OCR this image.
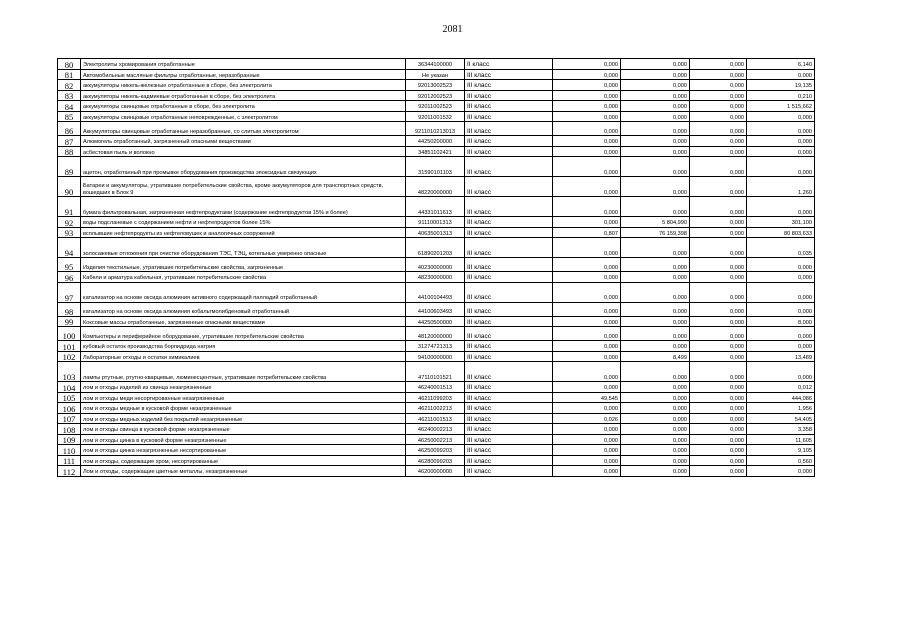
2081
80	Электролиты хромирования отработанные	36344100000	II класс	0,000	0,000	0,000	6,140
81	Автомобильные масляные фильтры отработанные, неразобранные	Не указан	III класс	0,000	0,000	0,000	0,000
82	аккумуляторы никель-железные отработанные в сборе, без электролита	92013002523	III класс	0,000	0,000	0,000	19,135
83	аккумуляторы никель-кадмиевые отработанные в сборе, без электролита	92012002523	III класс	0,000	0,000	0,000	0,210
84	аккумуляторы свинцовые отработанные в сборе, без электролита	92011002523	III класс	0,000	0,000	0,000	1 515,662
85	аккумуляторы свинцовые отработанные неповрежденные, с электролитом	92011001532	III класс	0,000	0,000	0,000	0,000
86	Аккумуляторы свинцовые отработанные неразобранные, со слитым электролитом	9211010213013	III класс	0,000	0,000	0,000	0,000
87	Алюмогель отработанный, загрязненный опасными веществами	44250200000	III класс	0,000	0,000	0,000	0,000
88	асбестовая пыль и волокно	34851102421	III класс	0,000	0,000	0,000	0,000
89	ацетон, отработанный при промывке оборудования производства эпоксидных связующих	31590101103	III класс	0,000	0,000	0,000	0,000
90	Батареи и аккумуляторы, утратившие потребительские свойства, кроме аккумуляторов для транспортных средств, вошедших в Блок 9	48220000000	III класс	0,000	0,000	0,000	1,260
91	бумага фильтровальная, загрязненная нефтепродуктами (содержание нефтепродуктов 15% и более)	44331011613	III класс	0,000	0,000	0,000	0,000
92	воды подсланевые с содержанием нефти и нефтепродуктов более 15%	91110001313	III класс	0,000	5 804,990	0,000	301,100
93	всплывшие нефтепродукты из нефтеловушек и аналогичных сооружений	40635001313	III класс	0,807	76 159,398	0,000	80 803,633
94	золосажевые отложения при очистке оборудования ТЭС, ТЭЦ, котельных умеренно опасные	61890201203	III класс	0,000	0,000	0,000	0,035
95	Изделия текстильные, утратившие потребительские свойства, загрязненные	40230000000	III класс	0,000	0,000	0,000	0,000
96	Кабели и арматура кабельная, утратившие потребительские свойства	48230000000	III класс	0,000	0,000	0,000	0,000
97	катализатор на основе оксида алюминия активного содержащий палладий отработанный	44100104493	III класс	0,000	0,000	0,000	0,000
98	катализатор на основе оксида алюминия кобальтмолибденовый отработанный	44100603493	III класс	0,000	0,000	0,000	0,000
99	Коксовые массы отработанные, загрязненные опасными веществами	44250500000	III класс	0,000	0,000	0,000	8,000
100	Компьютеры и периферийное оборудование, утратившие потребительские свойства	48120000000	III класс	0,000	0,000	0,000	0,000
101	кубовый остаток производства борпидрида натрия	31274721313	III класс	0,000	0,000	0,000	0,000
102	Лабораторные отходы и остатки химикалиев	94100000000	III класс	0,000	8,499	0,000	13,489
103	лампы ртутные, ртутно-кварцевые, люминесцентные, утратившие потребительские свойства	47110101521	III класс	0,000	0,000	0,000	0,000
104	лом и отходы изделий из свинца незагрязненные	46240001513	III класс	0,000	0,000	0,000	0,012
105	лом и отходы меди несортированные незагрязненные	46211099203	III класс	49,545	0,000	0,000	444,086
106	лом и отходы медные в кусковой форме незагрязненные	46211002213	III класс	0,000	0,000	0,000	1,956
107	лом и отходы медных изделий без покрытий незагрязненные	46211001513	III класс	0,026	0,000	0,000	54,405
108	лом и отходы свинца в кусковой форме незагрязненные	46240002213	III класс	0,000	0,000	0,000	3,358
109	лом и отходы цинка в кусковой форме незагрязненные	46250002213	III класс	0,000	0,000	0,000	11,605
110	лом и отходы цинка незагрязненные несортированные	46250099203	III класс	0,000	0,000	0,000	9,105
111	лом и отходы, содержащие хром, несортированные	46280099203	III класс	0,000	0,000	0,000	0,560
112	Лом и отходы, содержащие цветные металлы, незагрязненные	46200000000	III класс	0,000	0,000	0,000	0,000
